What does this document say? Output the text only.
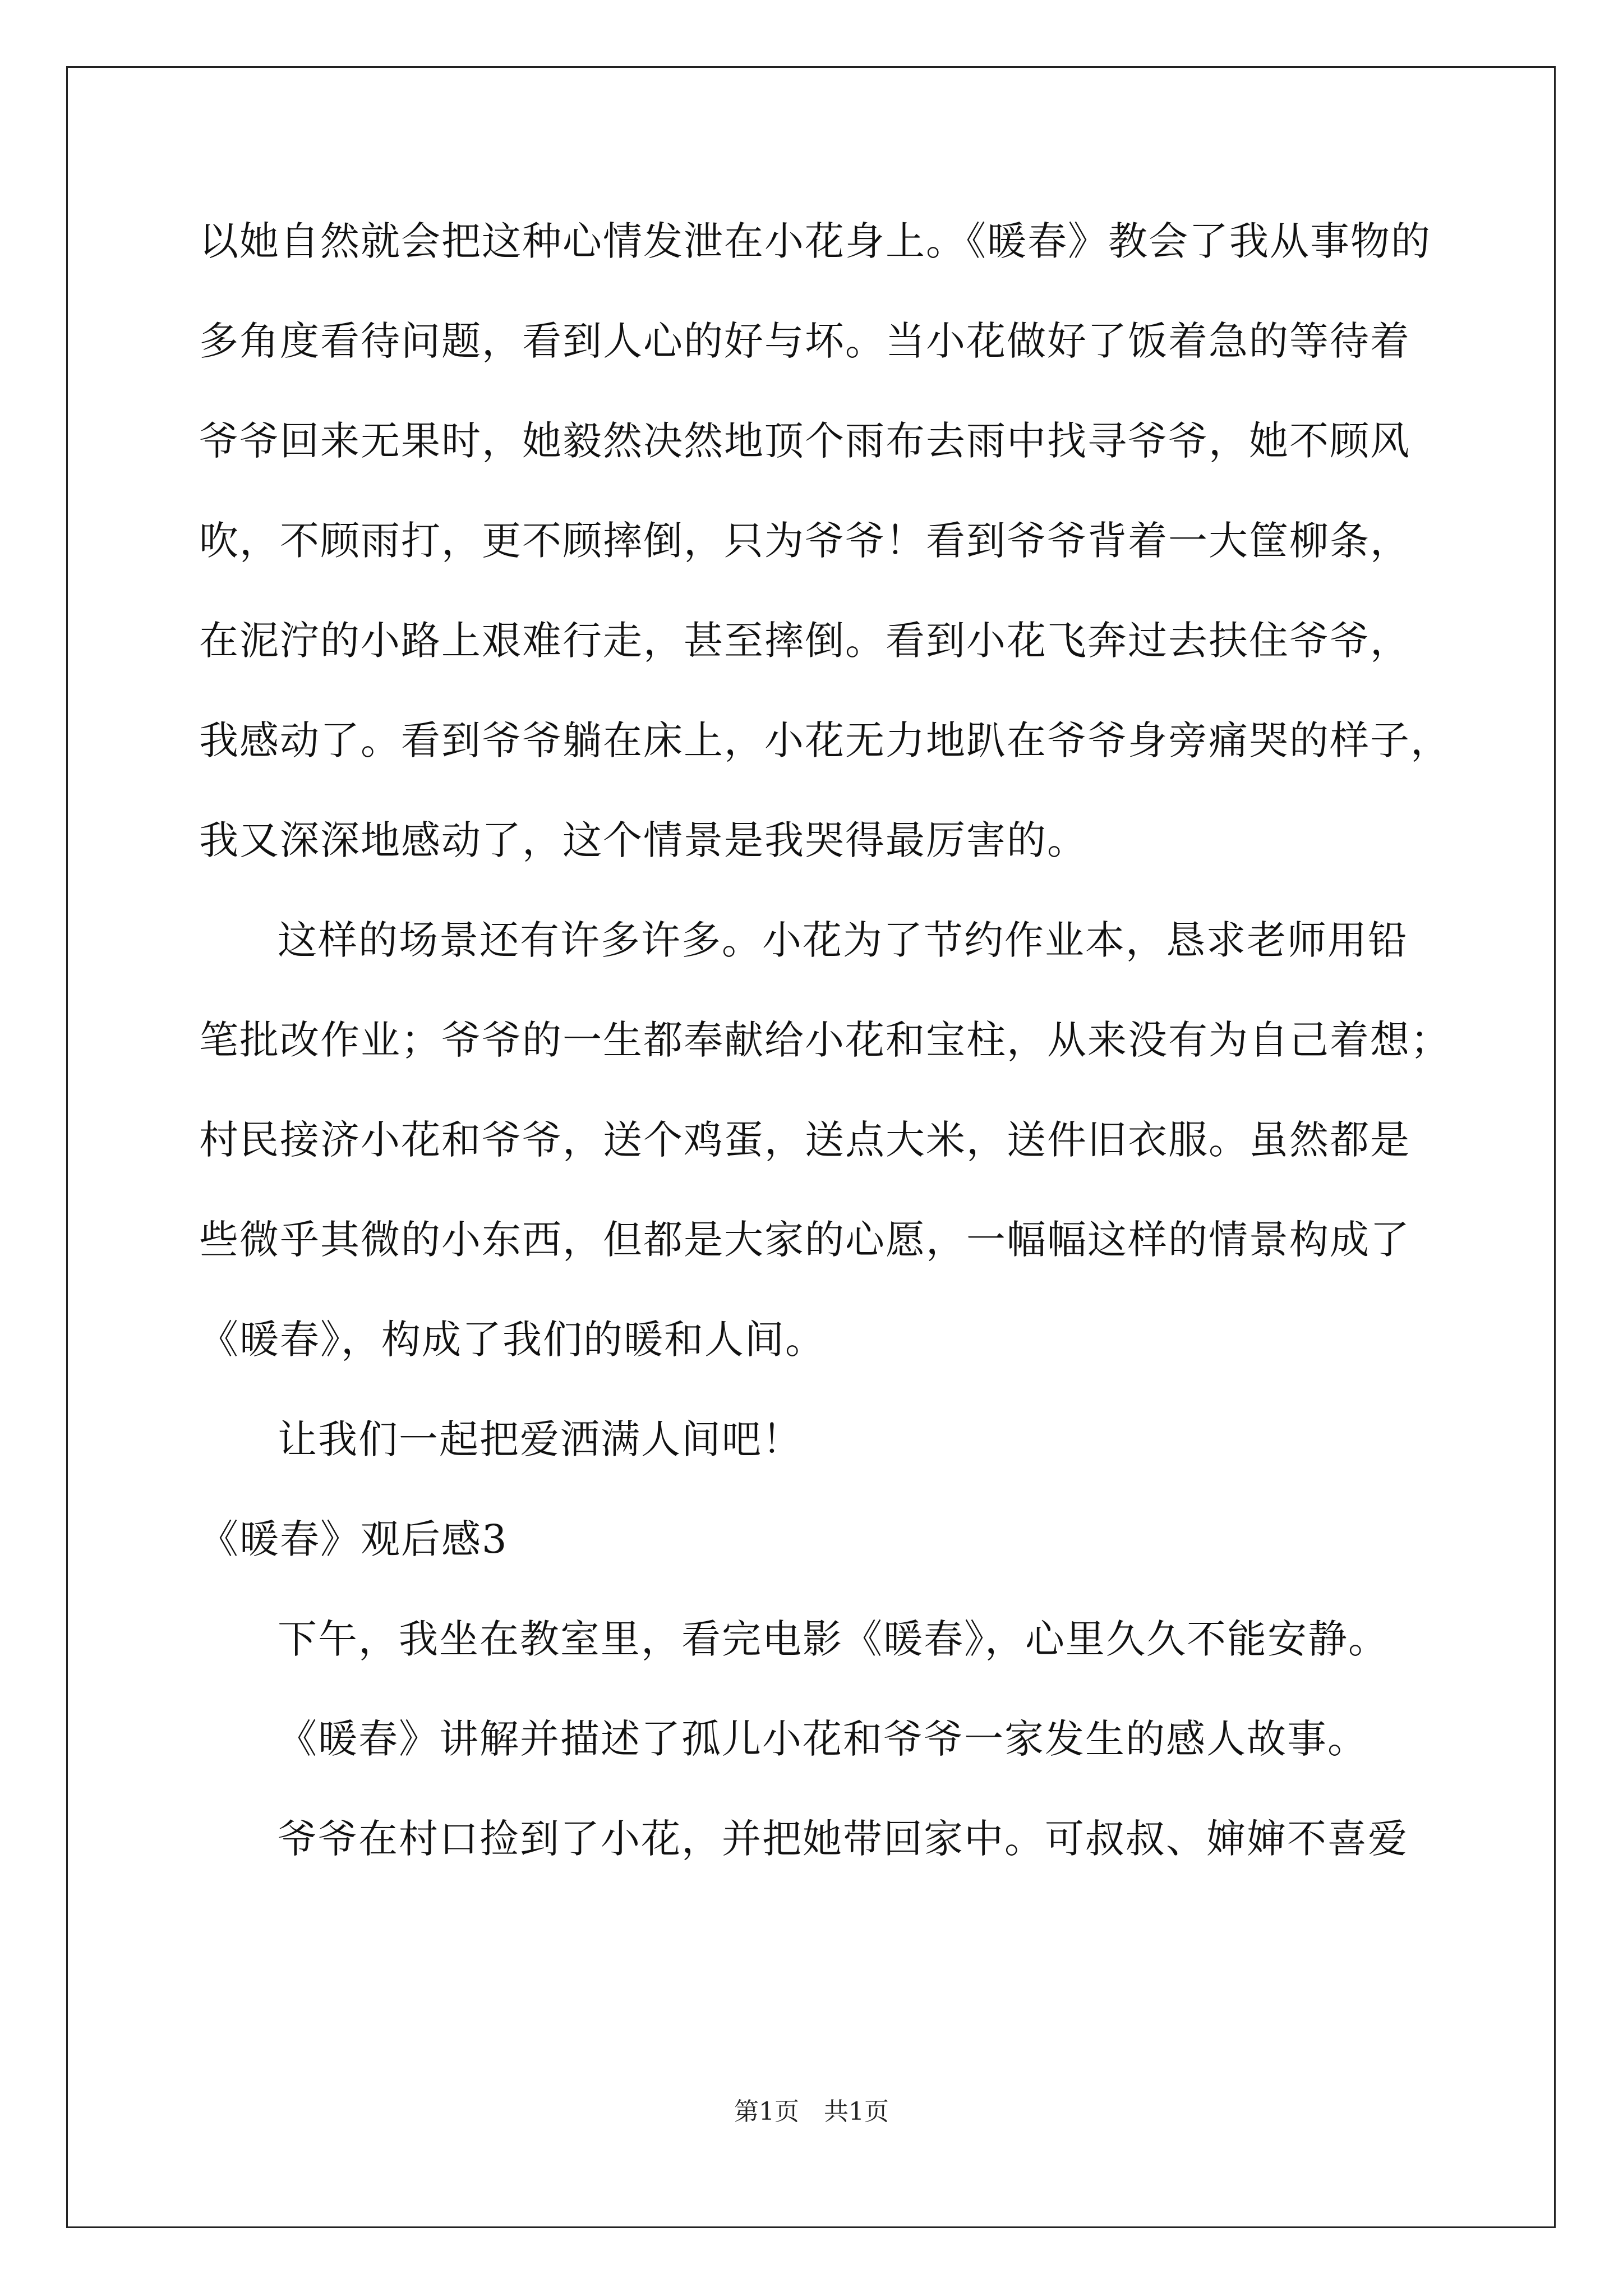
以她自然就会把这种心情发泄在小花身上。《暖春》教会了我从事物的
多角度看待问题，看到人心的好与坏。当小花做好了饭着急的等待着
爷爷回来无果时，她毅然决然地顶个雨布去雨中找寻爷爷，她不顾风
吹，不顾雨打，更不顾摔倒，只为爷爷！看到爷爷背着一大筐柳条，
在泥泞的小路上艰难行走，甚至摔倒。看到小花飞奔过去扶住爷爷，
我感动了。看到爷爷躺在床上，小花无力地趴在爷爷身旁痛哭的样子，
我又深深地感动了，这个情景是我哭得最厉害的。
这样的场景还有许多许多。小花为了节约作业本，恳求老师用铅
笔批改作业；爷爷的一生都奉献给小花和宝柱，从来没有为自己着想；
村民接济小花和爷爷，送个鸡蛋，送点大米，送件旧衣服。虽然都是
些微乎其微的小东西，但都是大家的心愿，一幅幅这样的情景构成了
《暖春》，构成了我们的暖和人间。
让我们一起把爱洒满人间吧！
《暖春》观后感3
下午，我坐在教室里，看完电影《暖春》，心里久久不能安静。
《暖春》讲解并描述了孤儿小花和爷爷一家发生的感人故事。
爷爷在村口捡到了小花，并把她带回家中。可叔叔、婶婶不喜爱
第1页　共1页
